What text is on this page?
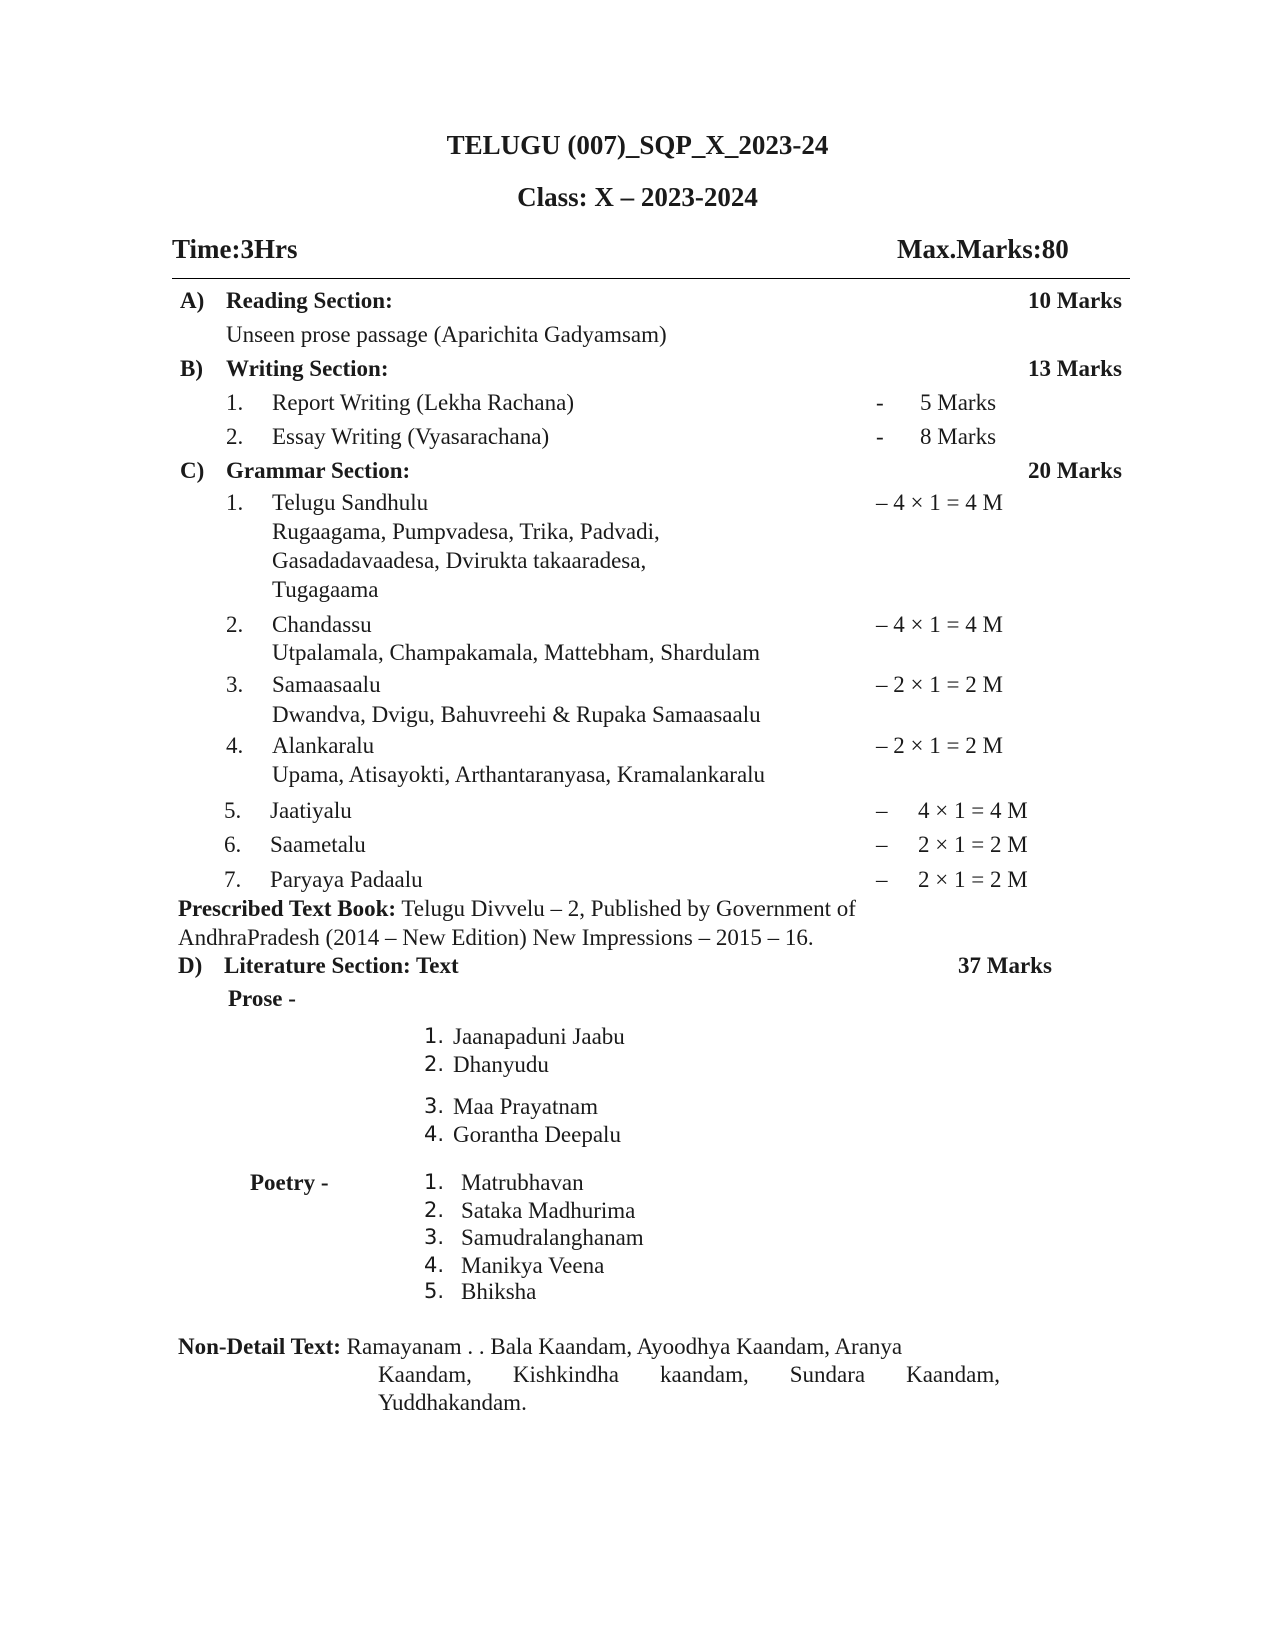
TELUGU (007)_SQP_X_2023-24
Class: X – 2023-2024
Time:3Hrs	Max.Marks:80
A) Reading Section:	10 Marks
Unseen prose passage (Aparichita Gadyamsam)
B) Writing Section:	13 Marks
1. Report Writing (Lekha Rachana)	- 5 Marks
2. Essay Writing (Vyasarachana)	- 8 Marks
C) Grammar Section:	20 Marks
1. Telugu Sandhulu	– 4 × 1 = 4 M
Rugaagama, Pumpvadesa, Trika, Padvadi,
Gasadadavaadesa, Dvirukta takaaradesa,
Tugagaama
2. Chandassu	– 4 × 1 = 4 M
Utpalamala, Champakamala, Mattebham, Shardulam
3. Samaasaalu	– 2 × 1 = 2 M
Dwandva, Dvigu, Bahuvreehi & Rupaka Samaasaalu
4. Alankaralu	– 2 × 1 = 2 M
Upama, Atisayokti, Arthantaranyasa, Kramalankaralu
5. Jaatiyalu	– 4 × 1 = 4 M
6. Saametalu	– 2 × 1 = 2 M
7. Paryaya Padaalu	– 2 × 1 = 2 M
Prescribed Text Book: Telugu Divvelu – 2, Published by Government of
AndhraPradesh (2014 – New Edition) New Impressions – 2015 – 16.
D) Literature Section: Text	37 Marks
Prose -
1. Jaanapaduni Jaabu
2. Dhanyudu
3. Maa Prayatnam
4. Gorantha Deepalu
Poetry -	1. Matrubhavan
2. Sataka Madhurima
3. Samudralanghanam
4. Manikya Veena
5. Bhiksha
Non-Detail Text: Ramayanam . . Bala Kaandam, Ayoodhya Kaandam, Aranya
Kaandam, Kishkindha kaandam, Sundara Kaandam,
Yuddhakandam.
